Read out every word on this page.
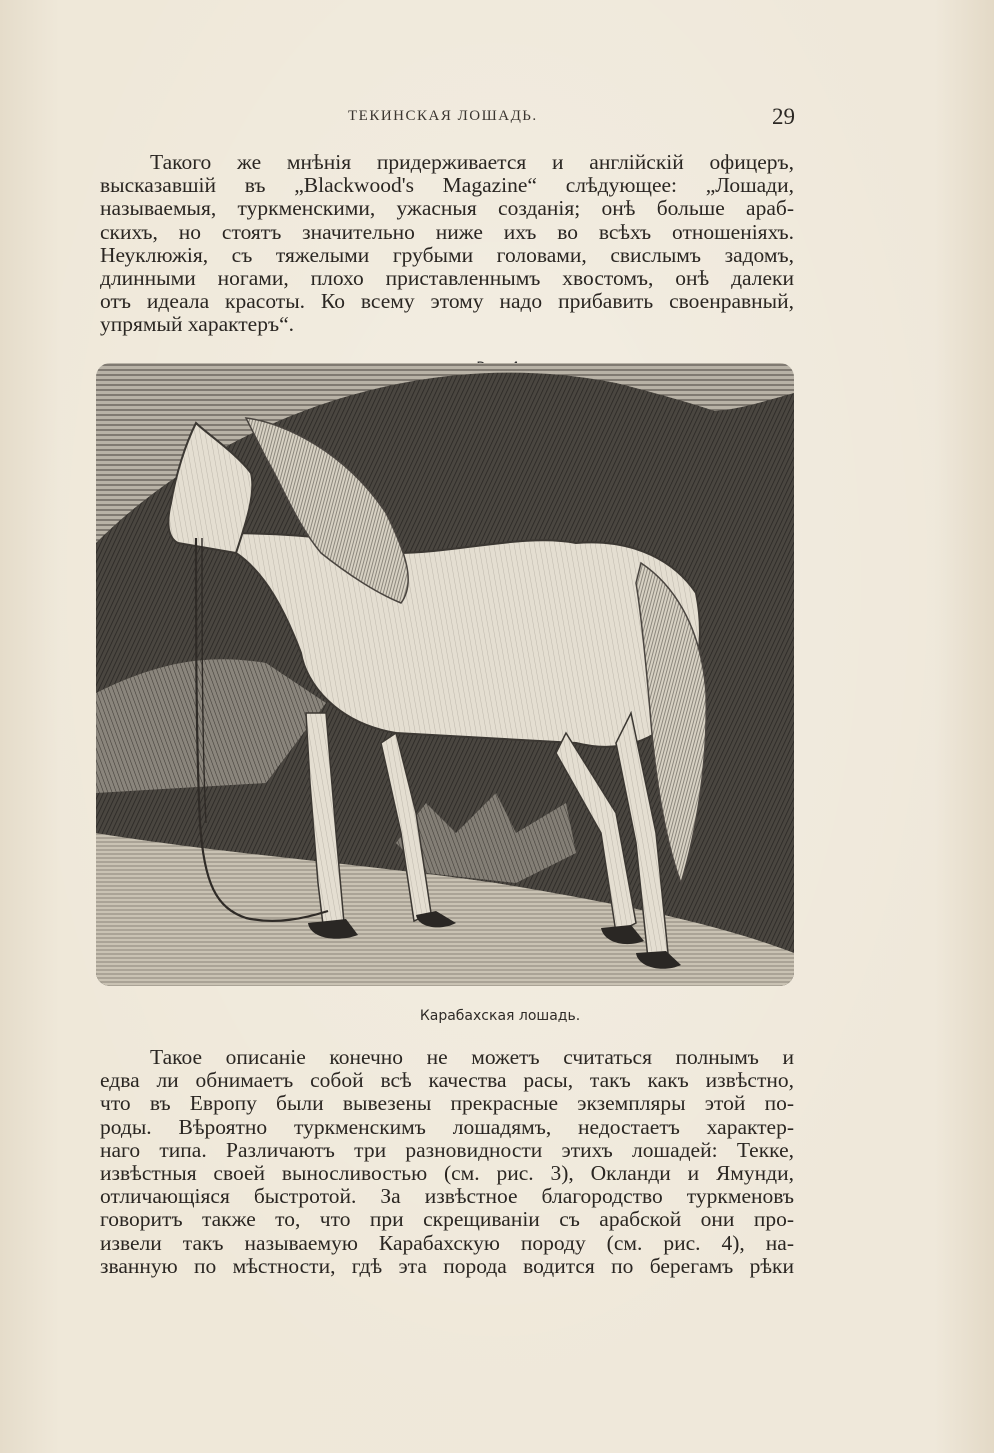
ТЕКИНСКАЯ ЛОШАДЬ.	29
Такого же мнѣнія придерживается и англійскій офицеръ,
высказавшій въ „Blackwood's Magazine“ слѣдующее: „Лошади,
называемыя, туркменскими, ужасныя созданія; онѣ больше араб-
скихъ, но стоятъ значительно ниже ихъ во всѣхъ отношеніяхъ.
Неуклюжія, съ тяжелыми грубыми головами, свислымъ задомъ,
длинными ногами, плохо приставленнымъ хвостомъ, онѣ далеки
отъ идеала красоты. Ко всему этому надо прибавить своенравный,
упрямый характеръ“.
Карабахская лошадь.
Такое описаніе конечно не можетъ считаться полнымъ и
едва ли обнимаетъ собой всѣ качества расы, такъ какъ извѣстно,
что въ Европу были вывезены прекрасные экземпляры этой по-
роды. Вѣроятно туркменскимъ лошадямъ, недостаетъ характер-
наго типа. Различаютъ три разновидности этихъ лошадей: Текке,
извѣстныя своей выносливостью (см. рис. 3), Окланди и Ямунди,
отличающіяся быстротой. За извѣстное благородство туркменовъ
говоритъ также то, что при скрещиваніи съ арабской они про-
извели такъ называемую Карабахскую породу (см. рис. 4), на-
званную по мѣстности, гдѣ эта порода водится по берегамъ рѣки
